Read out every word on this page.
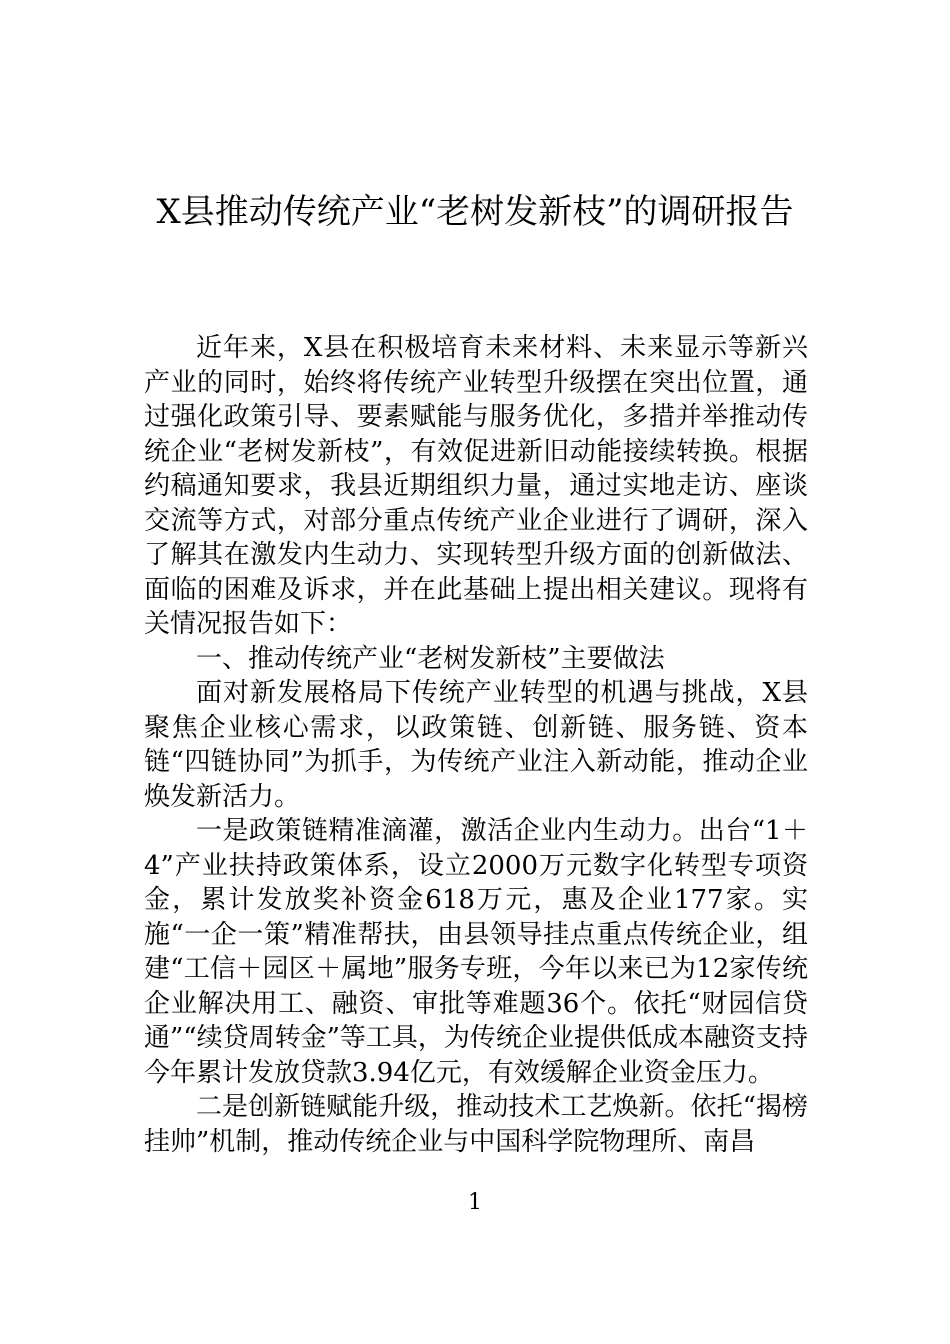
X县推动传统产业“老树发新枝”的调研报告

近年来，X县在积极培育未来材料、未来显示等新兴产业的同时，始终将传统产业转型升级摆在突出位置，通过强化政策引导、要素赋能与服务优化，多措并举推动传统企业“老树发新枝”，有效促进新旧动能接续转换。根据约稿通知要求，我县近期组织力量，通过实地走访、座谈交流等方式，对部分重点传统产业企业进行了调研，深入了解其在激发内生动力、实现转型升级方面的创新做法、面临的困难及诉求，并在此基础上提出相关建议。现将有关情况报告如下：

一、推动传统产业“老树发新枝”主要做法

面对新发展格局下传统产业转型的机遇与挑战，X县聚焦企业核心需求，以政策链、创新链、服务链、资本链“四链协同”为抓手，为传统产业注入新动能，推动企业焕发新活力。

一是政策链精准滴灌，激活企业内生动力。出台“1＋4”产业扶持政策体系，设立2000万元数字化转型专项资金，累计发放奖补资金618万元，惠及企业177家。实施“一企一策”精准帮扶，由县领导挂点重点传统企业，组建“工信＋园区＋属地”服务专班，今年以来已为12家传统企业解决用工、融资、审批等难题36个。依托“财园信贷通”“续贷周转金”等工具，为传统企业提供低成本融资支持今年累计发放贷款3.94亿元，有效缓解企业资金压力。

二是创新链赋能升级，推动技术工艺焕新。依托“揭榜挂帅”机制，推动传统企业与中国科学院物理所、南昌

1
